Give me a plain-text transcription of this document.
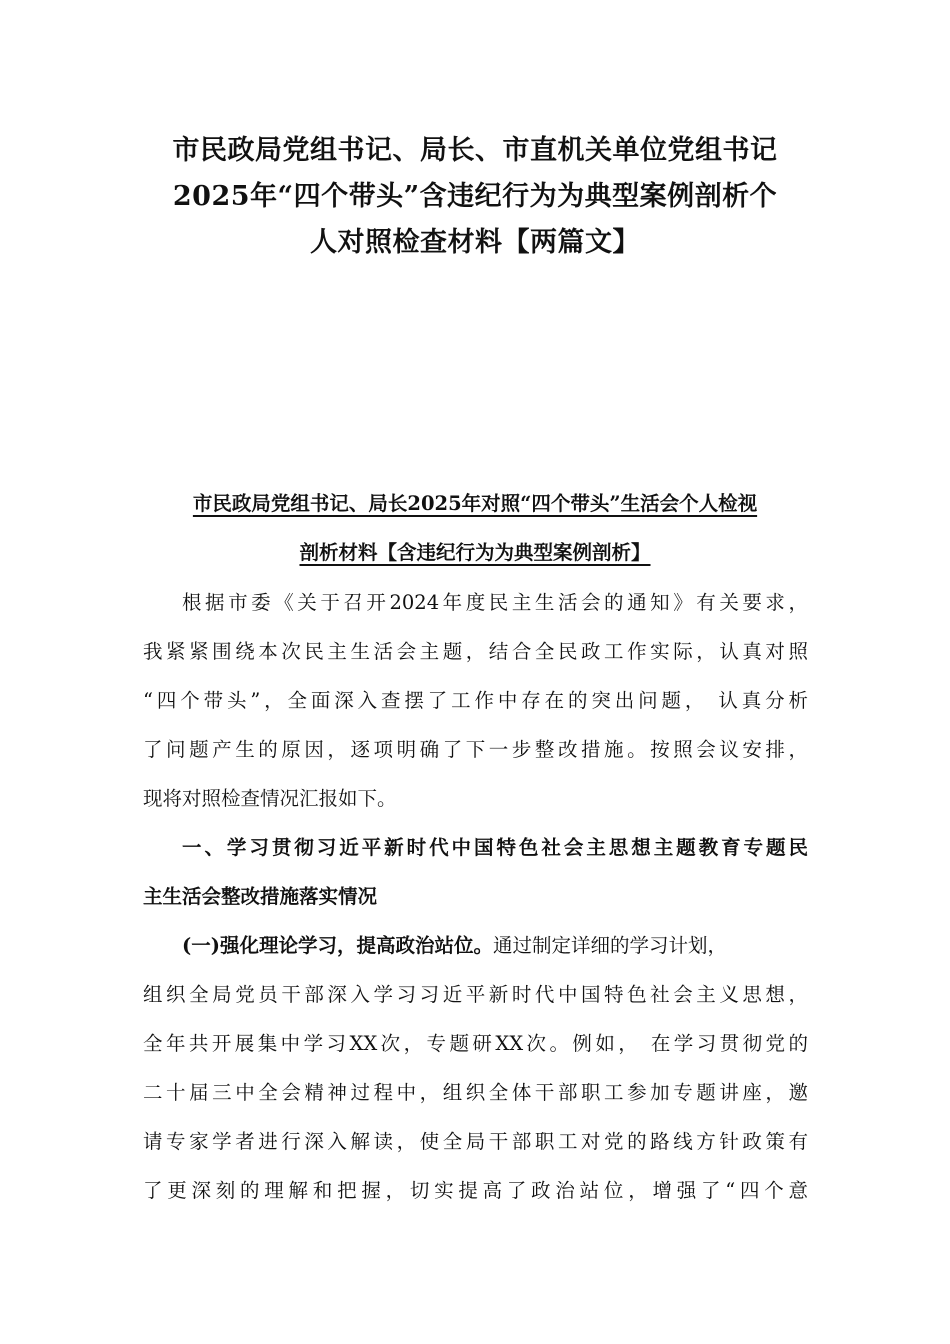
市民政局党组书记、局长、市直机关单位党组书记
2025年“四个带头”含违纪行为为典型案例剖析个
人对照检查材料【两篇文】
市民政局党组书记、局长2025年对照“四个带头”生活会个人检视
剖析材料【含违纪行为为典型案例剖析】
根据市委《关于召开2024年度民主生活会的通知》有关要求，
我紧紧围绕本次民主生活会主题，结合全民政工作实际，认真对照
“四个带头”，全面深入查摆了工作中存在的突出问题， 认真分析
了问题产生的原因，逐项明确了下一步整改措施。按照会议安排，
现将对照检查情况汇报如下。
一、学习贯彻习近平新时代中国特色社会主思想主题教育专题民
主生活会整改措施落实情况
(一)强化理论学习，提高政治站位。通过制定详细的学习计划，
组织全局党员干部深入学习习近平新时代中国特色社会主义思想，
全年共开展集中学习XX次，专题研XX次。例如， 在学习贯彻党的
二十届三中全会精神过程中，组织全体干部职工参加专题讲座，邀
请专家学者进行深入解读，使全局干部职工对党的路线方针政策有
了更深刻的理解和把握，切实提高了政治站位，增强了“四个意
